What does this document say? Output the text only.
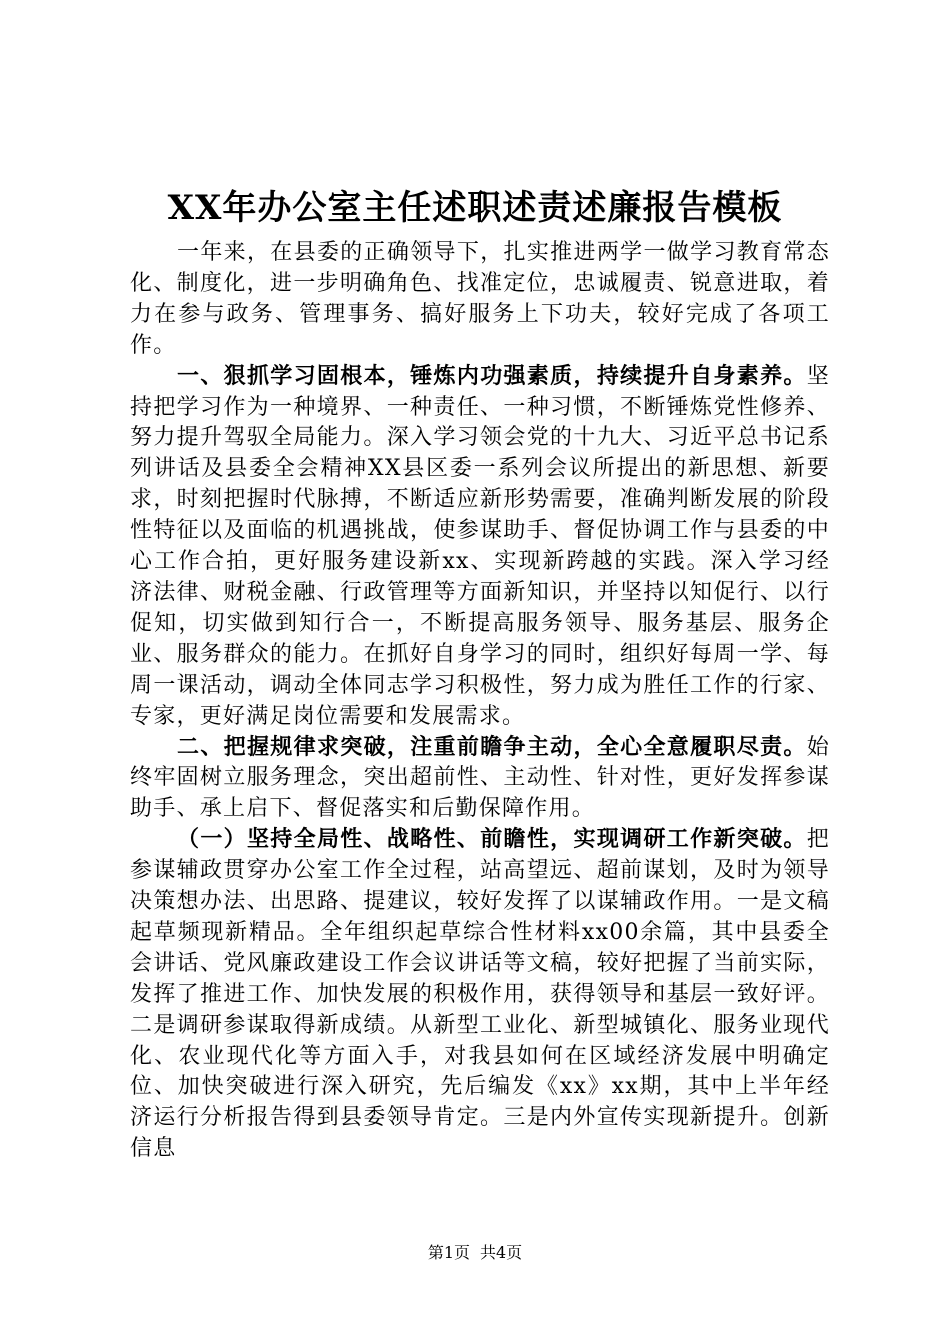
XX年办公室主任述职述责述廉报告模板

一年来，在县委的正确领导下，扎实推进两学一做学习教育常态化、制度化，进一步明确角色、找准定位，忠诚履责、锐意进取，着力在参与政务、管理事务、搞好服务上下功夫，较好完成了各项工作。

一、狠抓学习固根本，锤炼内功强素质，持续提升自身素养。坚持把学习作为一种境界、一种责任、一种习惯，不断锤炼党性修养、努力提升驾驭全局能力。深入学习领会党的十九大、习近平总书记系列讲话及县委全会精神XX县区委一系列会议所提出的新思想、新要求，时刻把握时代脉搏，不断适应新形势需要，准确判断发展的阶段性特征以及面临的机遇挑战，使参谋助手、督促协调工作与县委的中心工作合拍，更好服务建设新xx、实现新跨越的实践。深入学习经济法律、财税金融、行政管理等方面新知识，并坚持以知促行、以行促知，切实做到知行合一，不断提高服务领导、服务基层、服务企业、服务群众的能力。在抓好自身学习的同时，组织好每周一学、每周一课活动，调动全体同志学习积极性，努力成为胜任工作的行家、专家，更好满足岗位需要和发展需求。

二、把握规律求突破，注重前瞻争主动，全心全意履职尽责。始终牢固树立服务理念，突出超前性、主动性、针对性，更好发挥参谋助手、承上启下、督促落实和后勤保障作用。

（一）坚持全局性、战略性、前瞻性，实现调研工作新突破。把参谋辅政贯穿办公室工作全过程，站高望远、超前谋划，及时为领导决策想办法、出思路、提建议，较好发挥了以谋辅政作用。一是文稿起草频现新精品。全年组织起草综合性材料xx00余篇，其中县委全会讲话、党风廉政建设工作会议讲话等文稿，较好把握了当前实际，发挥了推进工作、加快发展的积极作用，获得领导和基层一致好评。二是调研参谋取得新成绩。从新型工业化、新型城镇化、服务业现代化、农业现代化等方面入手，对我县如何在区域经济发展中明确定位、加快突破进行深入研究，先后编发《xx》xx期，其中上半年经济运行分析报告得到县委领导肯定。三是内外宣传实现新提升。创新信息

第1页 共4页
